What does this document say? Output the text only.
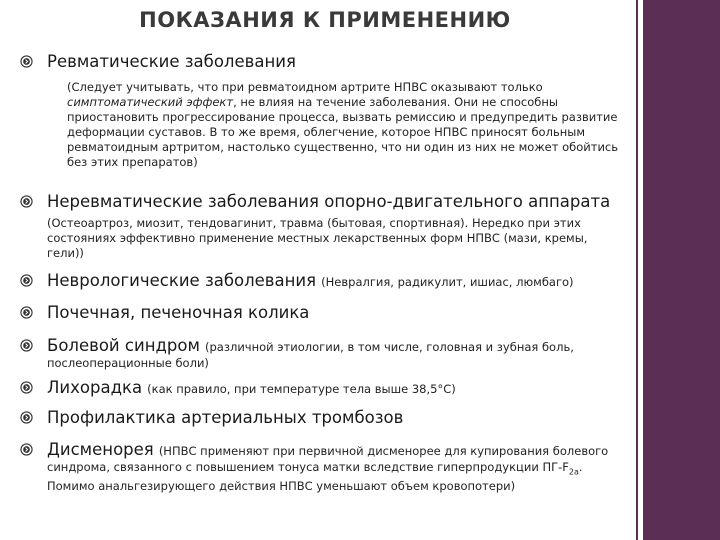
ПОКАЗАНИЯ К ПРИМЕНЕНИЮ
Ревматические заболевания
(Следует учитывать, что при ревматоидном артрите НПВС оказывают только симптоматический эффект, не влияя на течение заболевания. Они не способны приостановить прогрессирование процесса, вызвать ремиссию и предупредить развитие деформации суставов. В то же время, облегчение, которое НПВС приносят больным ревматоидным артритом, настолько существенно, что ни один из них не может обойтись без этих препаратов)
Неревматические заболевания опорно-двигательного аппарата
(Остеоартроз, миозит, тендовагинит, травма (бытовая, спортивная). Нередко при этих состояниях эффективно применение местных лекарственных форм НПВС (мази, кремы, гели))
Неврологические заболевания (Невралгия, радикулит, ишиас, люмбаго)
Почечная, печеночная колика
Болевой синдром (различной этиологии, в том числе, головная и зубная боль,
послеоперационные боли)
Лихорадка (как правило, при температуре тела выше 38,5°С)
Профилактика артериальных тромбозов
Дисменорея (НПВС применяют при первичной дисменорее для купирования болевого
синдрома, связанного с повышением тонуса матки вследствие гиперпродукции $ПГ-F_{2a}$. Помимо анальгезирующего действия НПВС уменьшают объем кровопотери)
